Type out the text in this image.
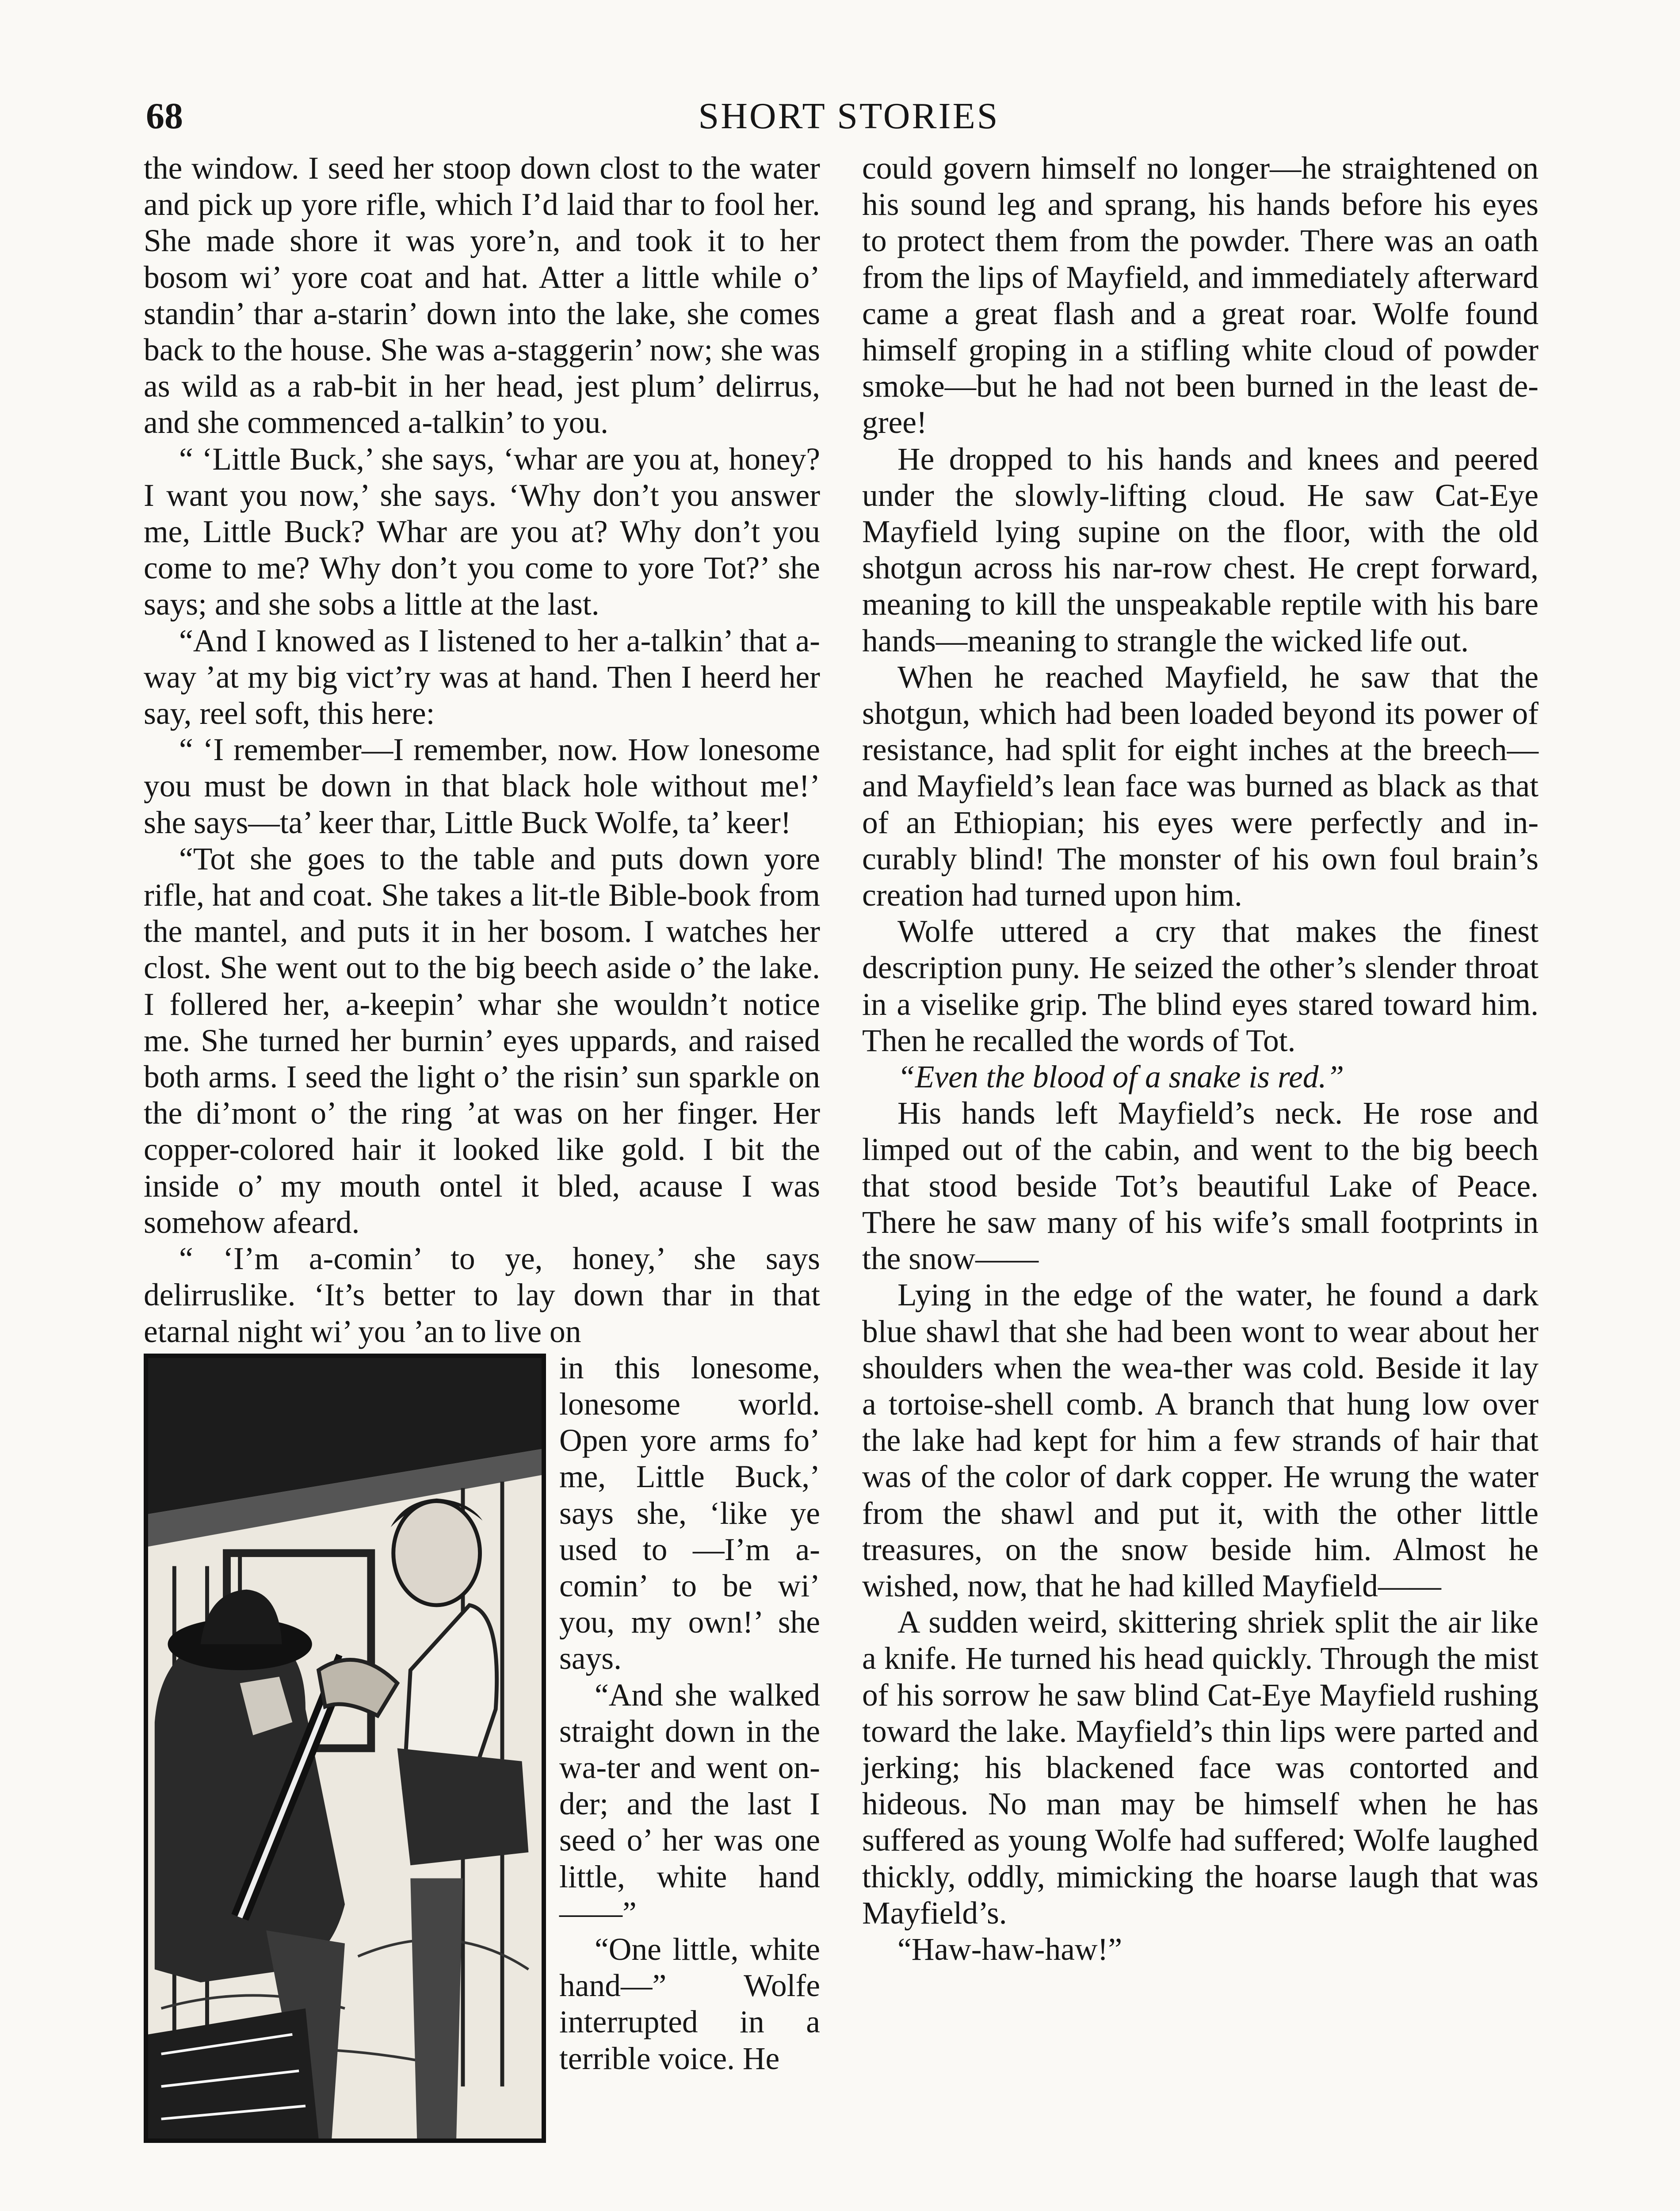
68	SHORT STORIES

the window. I seed her stoop down clost to the water and pick up yore rifle, which I’d laid thar to fool her. She made shore it was yore’n, and took it to her bosom wi’ yore coat and hat. Atter a little while o’ standin’ thar a-starin’ down into the lake, she comes back to the house. She was a-staggerin’ now; she was as wild as a rab-bit in her head, jest plum’ delirrus, and she commenced a-talkin’ to you.

“ ‘Little Buck,’ she says, ‘whar are you at, honey? I want you now,’ she says. ‘Why don’t you answer me, Little Buck? Whar are you at? Why don’t you come to me? Why don’t you come to yore Tot?’ she says; and she sobs a little at the last.

“And I knowed as I listened to her a-talkin’ that a-way ’at my big vict’ry was at hand. Then I heerd her say, reel soft, this here:

“ ‘I remember—I remember, now. How lonesome you must be down in that black hole without me!’ she says—ta’ keer thar, Little Buck Wolfe, ta’ keer!

“Tot she goes to the table and puts down yore rifle, hat and coat. She takes a lit-tle Bible-book from the mantel, and puts it in her bosom. I watches her clost. She went out to the big beech aside o’ the lake. I follered her, a-keepin’ whar she wouldn’t notice me. She turned her burnin’ eyes uppards, and raised both arms. I seed the light o’ the risin’ sun sparkle on the di’mont o’ the ring ’at was on her finger. Her copper-colored hair it looked like gold. I bit the inside o’ my mouth ontel it bled, acause I was somehow afeard.

“ ‘I’m a-comin’ to ye, honey,’ she says delirruslike. ‘It’s better to lay down thar in that etarnal night wi’ you ’an to live on

in this lonesome, lonesome world. Open yore arms fo’ me, Little Buck,’ says she, ‘like ye used to —I’m a-comin’ to be wi’ you, my own!’ she says.

“And she walked straight down in the wa-ter and went on-der; and the last I seed o’ her was one little, white hand——”

“One little, white hand—” Wolfe interrupted in a terrible voice. He

could govern himself no longer—he straightened on his sound leg and sprang, his hands before his eyes to protect them from the powder. There was an oath from the lips of Mayfield, and immediately afterward came a great flash and a great roar. Wolfe found himself groping in a stifling white cloud of powder smoke—but he had not been burned in the least de-gree!

He dropped to his hands and knees and peered under the slowly-lifting cloud. He saw Cat-Eye Mayfield lying supine on the floor, with the old shotgun across his nar-row chest. He crept forward, meaning to kill the unspeakable reptile with his bare hands—meaning to strangle the wicked life out.

When he reached Mayfield, he saw that the shotgun, which had been loaded beyond its power of resistance, had split for eight inches at the breech—and Mayfield’s lean face was burned as black as that of an Ethiopian; his eyes were perfectly and in-curably blind! The monster of his own foul brain’s creation had turned upon him.

Wolfe uttered a cry that makes the finest description puny. He seized the other’s slender throat in a viselike grip. The blind eyes stared toward him. Then he recalled the words of Tot.

“Even the blood of a snake is red.”

His hands left Mayfield’s neck. He rose and limped out of the cabin, and went to the big beech that stood beside Tot’s beautiful Lake of Peace. There he saw many of his wife’s small footprints in the snow——

Lying in the edge of the water, he found a dark blue shawl that she had been wont to wear about her shoulders when the wea-ther was cold. Beside it lay a tortoise-shell comb. A branch that hung low over the lake had kept for him a few strands of hair that was of the color of dark copper. He wrung the water from the shawl and put it, with the other little treasures, on the snow beside him. Almost he wished, now, that he had killed Mayfield——

A sudden weird, skittering shriek split the air like a knife. He turned his head quickly. Through the mist of his sorrow he saw blind Cat-Eye Mayfield rushing toward the lake. Mayfield’s thin lips were parted and jerking; his blackened face was contorted and hideous. No man may be himself when he has suffered as young Wolfe had suffered; Wolfe laughed thickly, oddly, mimicking the hoarse laugh that was Mayfield’s.

“Haw-haw-haw!”
